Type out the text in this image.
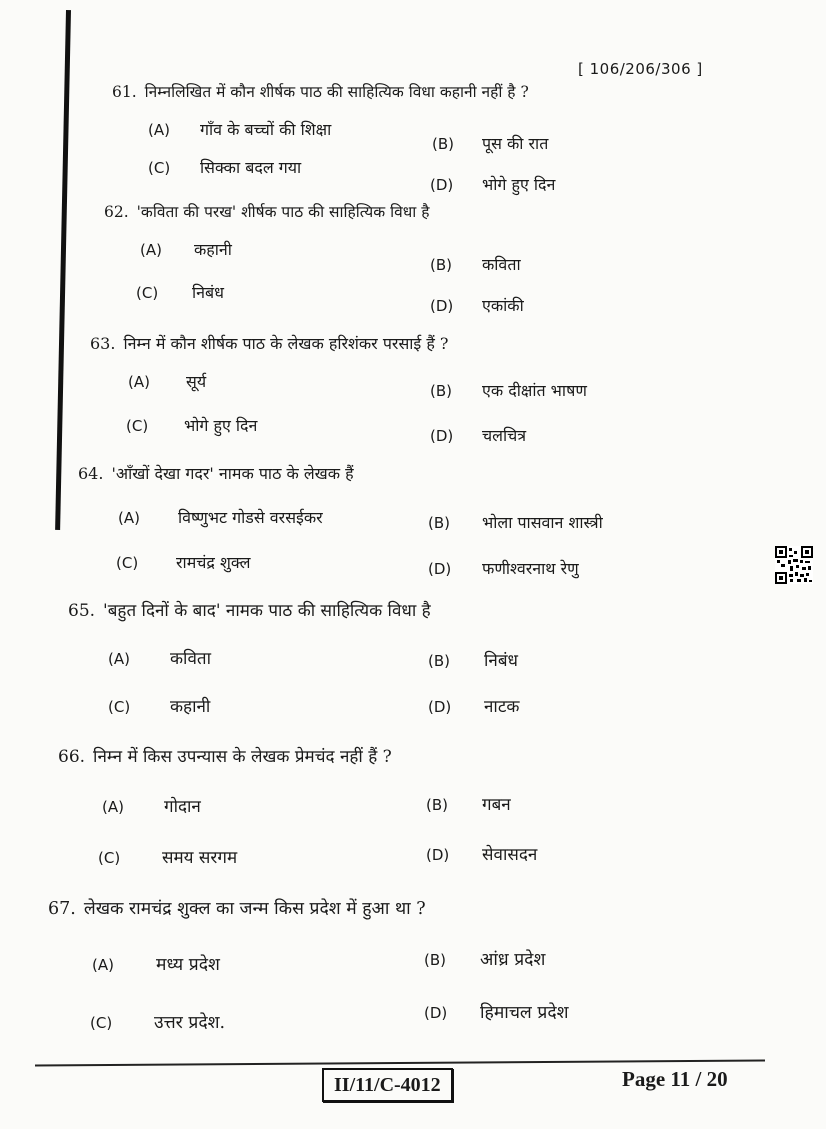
[ 106/206/306 ]
61. निम्नलिखित में कौन शीर्षक पाठ की साहित्यिक विधा कहानी नहीं है ?
(A) गाँव के बच्चों की शिक्षा
(B) पूस की रात
(C) सिक्का बदल गया
(D) भोगे हुए दिन
62. 'कविता की परख' शीर्षक पाठ की साहित्यिक विधा है
(A) कहानी
(B) कविता
(C) निबंध
(D) एकांकी
63. निम्न में कौन शीर्षक पाठ के लेखक हरिशंकर परसाई हैं ?
(A) सूर्य	(B) एक दीक्षांत भाषण
(C) भोगे हुए दिन
(D) चलचित्र
64. 'आँखों देखा गदर' नामक पाठ के लेखक हैं
(A) विष्णुभट गोडसे वरसईकर	(B) भोला पासवान शास्त्री
(C) रामचंद्र शुक्ल	(D) फणीश्वरनाथ रेणु
65. 'बहुत दिनों के बाद' नामक पाठ की साहित्यिक विधा है
(A) कविता	(B) निबंध
(C) कहानी	(D) नाटक
66. निम्न में किस उपन्यास के लेखक प्रेमचंद नहीं हैं ?
(A) गोदान	(B) गबन
(C) समय सरगम	(D) सेवासदन
67. लेखक रामचंद्र शुक्ल का जन्म किस प्रदेश में हुआ था ?
(A) मध्य प्रदेश	(B) आंध्र प्रदेश
(C) उत्तर प्रदेश.	(D) हिमाचल प्रदेश
II/11/C-4012	Page 11 / 20
